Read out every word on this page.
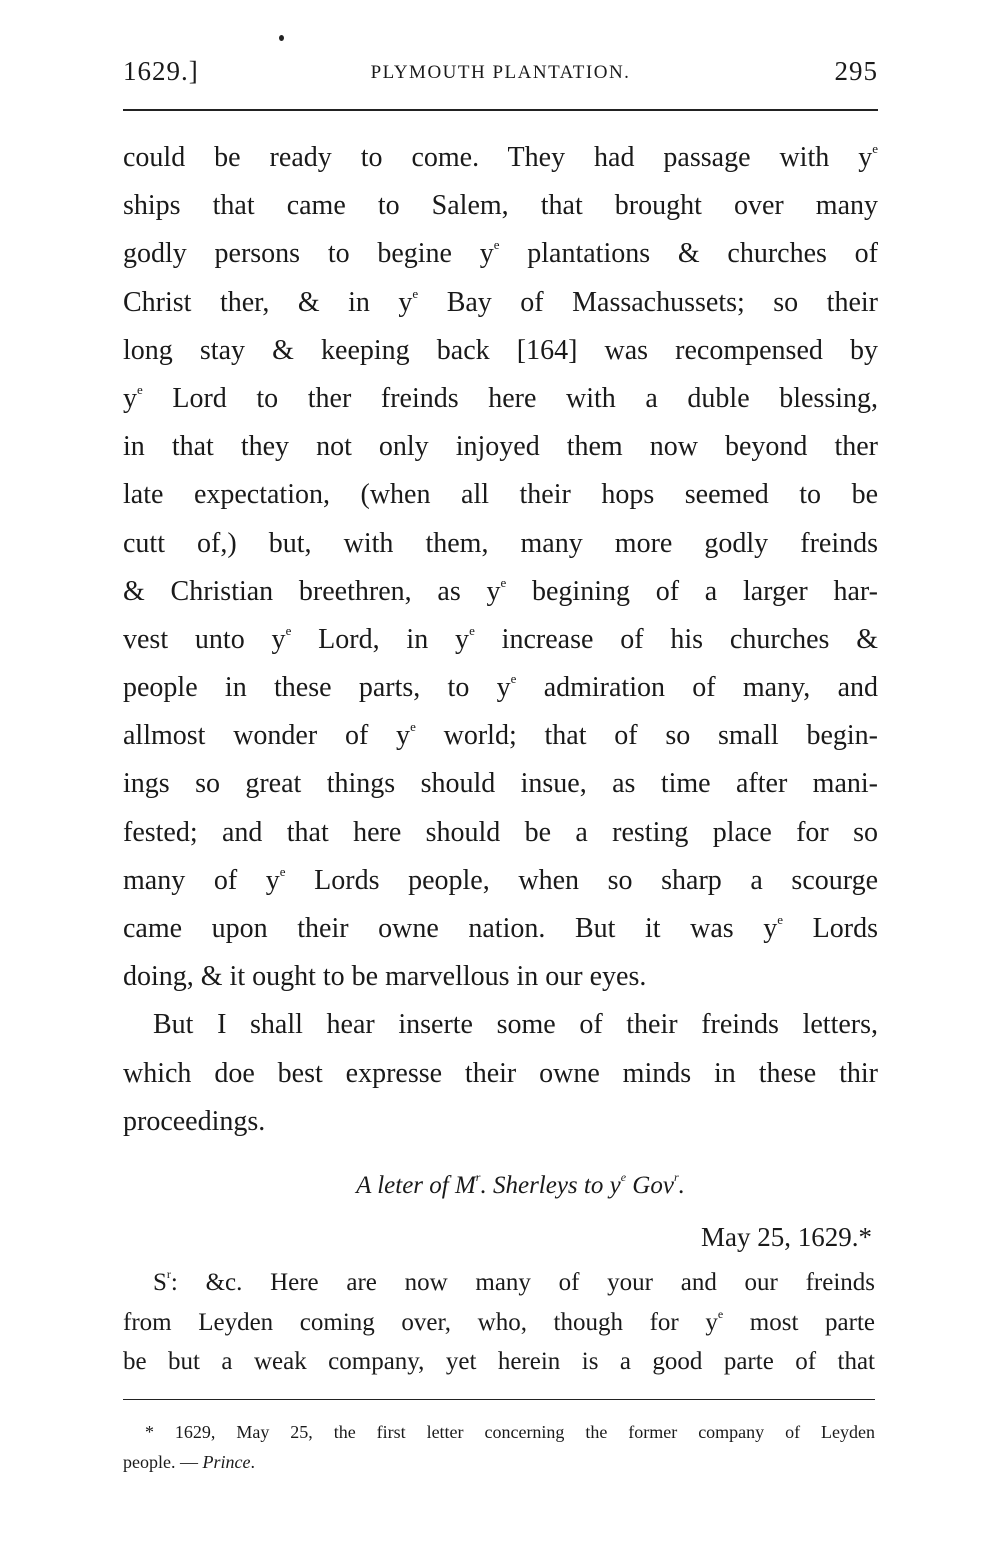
1629.]	PLYMOUTH PLANTATION.	295
could be ready to come. They had passage with $y^e$
ships that came to Salem, that brought over many
godly persons to begine $y^e$ plantations & churches of
Christ ther, & in $y^e$ Bay of Massachussets; so their
long stay & keeping back [164] was recompensed by
$y^e$ Lord to ther freinds here with a duble blessing,
in that they not only injoyed them now beyond ther
late expectation, (when all their hops seemed to be
cutt of,) but, with them, many more godly freinds
& Christian breethren, as $y^e$ begining of a larger har-
vest unto $y^e$ Lord, in $y^e$ increase of his churches &
people in these parts, to $y^e$ admiration of many, and
allmost wonder of $y^e$ world; that of so small begin-
ings so great things should insue, as time after mani-
fested; and that here should be a resting place for so
many of $y^e$ Lords people, when so sharp a scourge
came upon their owne nation. But it was $y^e$ Lords
doing, & it ought to be marvellous in our eyes.
But I shall hear inserte some of their freinds letters,
which doe best expresse their owne minds in these thir
proceedings.
A leter of $M^r$. Sherleys to $y^e$ Gov$^r$.
May 25, 1629.*
$S^r$: &c. Here are now many of your and our freinds
from Leyden coming over, who, though for $y^e$ most parte
be but a weak company, yet herein is a good parte of that
* 1629, May 25, the first letter concerning the former company of Leyden
people. — Prince.
